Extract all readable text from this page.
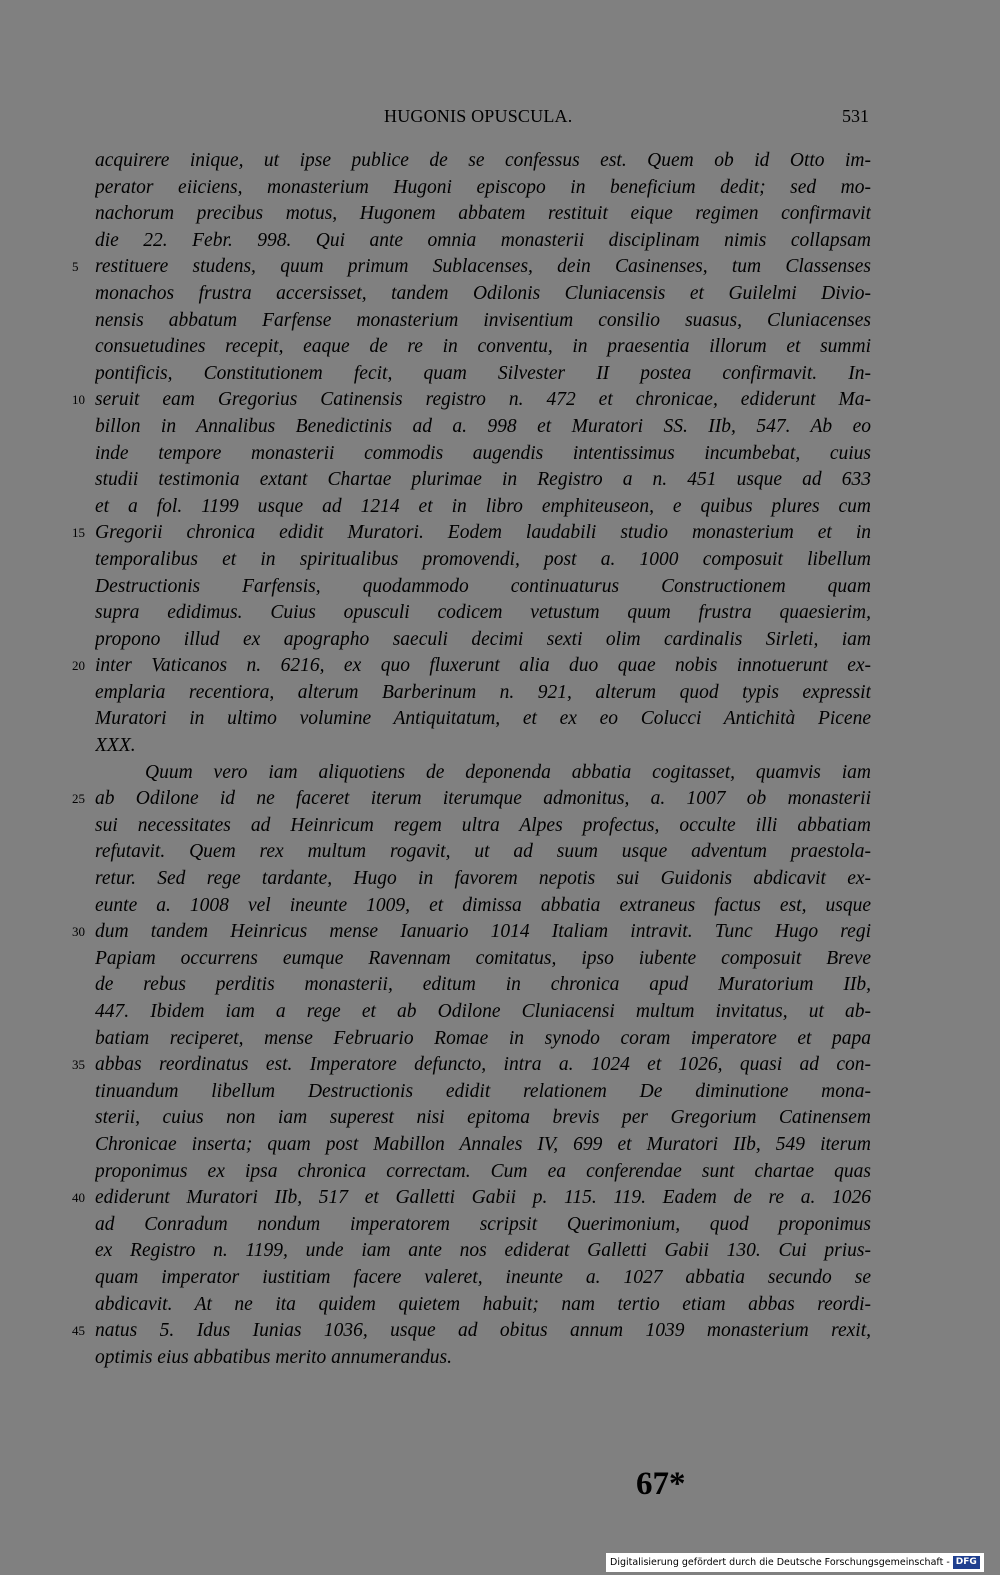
HUGONIS OPUSCULA.	531
acquirere inique, ut ipse publice de se confessus est. Quem ob id Otto im-
perator eiiciens, monasterium Hugoni episcopo in beneficium dedit; sed mo-
nachorum precibus motus, Hugonem abbatem restituit eique regimen confirmavit
die 22. Febr. 998. Qui ante omnia monasterii disciplinam nimis collapsam
5 restituere studens, quum primum Sublacenses, dein Casinenses, tum Classenses
monachos frustra accersisset, tandem Odilonis Cluniacensis et Guilelmi Divio-
nensis abbatum Farfense monasterium invisentium consilio suasus, Cluniacenses
consuetudines recepit, eaque de re in conventu, in praesentia illorum et summi
pontificis, Constitutionem fecit, quam Silvester II postea confirmavit. In-
10 seruit eam Gregorius Catinensis registro n. 472 et chronicae, ediderunt Ma-
billon in Annalibus Benedictinis ad a. 998 et Muratori SS. IIb, 547. Ab eo
inde tempore monasterii commodis augendis intentissimus incumbebat, cuius
studii testimonia extant Chartae plurimae in Registro a n. 451 usque ad 633
et a fol. 1199 usque ad 1214 et in libro emphiteuseon, e quibus plures cum
15 Gregorii chronica edidit Muratori. Eodem laudabili studio monasterium et in
temporalibus et in spiritualibus promovendi, post a. 1000 composuit libellum
Destructionis Farfensis, quodammodo continuaturus Constructionem quam
supra edidimus. Cuius opusculi codicem vetustum quum frustra quaesierim,
propono illud ex apographo saeculi decimi sexti olim cardinalis Sirleti, iam
20 inter Vaticanos n. 6216, ex quo fluxerunt alia duo quae nobis innotuerunt ex-
emplaria recentiora, alterum Barberinum n. 921, alterum quod typis expressit
Muratori in ultimo volumine Antiquitatum, et ex eo Colucci Antichità Picene
XXX.
Quum vero iam aliquotiens de deponenda abbatia cogitasset, quamvis iam
25 ab Odilone id ne faceret iterum iterumque admonitus, a. 1007 ob monasterii
sui necessitates ad Heinricum regem ultra Alpes profectus, occulte illi abbatiam
refutavit. Quem rex multum rogavit, ut ad suum usque adventum praestola-
retur. Sed rege tardante, Hugo in favorem nepotis sui Guidonis abdicavit ex-
eunte a. 1008 vel ineunte 1009, et dimissa abbatia extraneus factus est, usque
30 dum tandem Heinricus mense Ianuario 1014 Italiam intravit. Tunc Hugo regi
Papiam occurrens eumque Ravennam comitatus, ipso iubente composuit Breve
de rebus perditis monasterii, editum in chronica apud Muratorium IIb,
447. Ibidem iam a rege et ab Odilone Cluniacensi multum invitatus, ut ab-
batiam reciperet, mense Februario Romae in synodo coram imperatore et papa
35 abbas reordinatus est. Imperatore defuncto, intra a. 1024 et 1026, quasi ad con-
tinuandum libellum Destructionis edidit relationem De diminutione mona-
sterii, cuius non iam superest nisi epitoma brevis per Gregorium Catinensem
Chronicae inserta; quam post Mabillon Annales IV, 699 et Muratori IIb, 549 iterum
proponimus ex ipsa chronica correctam. Cum ea conferendae sunt chartae quas
40 ediderunt Muratori IIb, 517 et Galletti Gabii p. 115. 119. Eadem de re a. 1026
ad Conradum nondum imperatorem scripsit Querimonium, quod proponimus
ex Registro n. 1199, unde iam ante nos ediderat Galletti Gabii 130. Cui prius-
quam imperator iustitiam facere valeret, ineunte a. 1027 abbatia secundo se
abdicavit. At ne ita quidem quietem habuit; nam tertio etiam abbas reordi-
45 natus 5. Idus Iunias 1036, usque ad obitus annum 1039 monasterium rexit,
optimis eius abbatibus merito annumerandus.
67*
Digitalisierung gefördert durch die Deutsche Forschungsgemeinschaft - DFG
